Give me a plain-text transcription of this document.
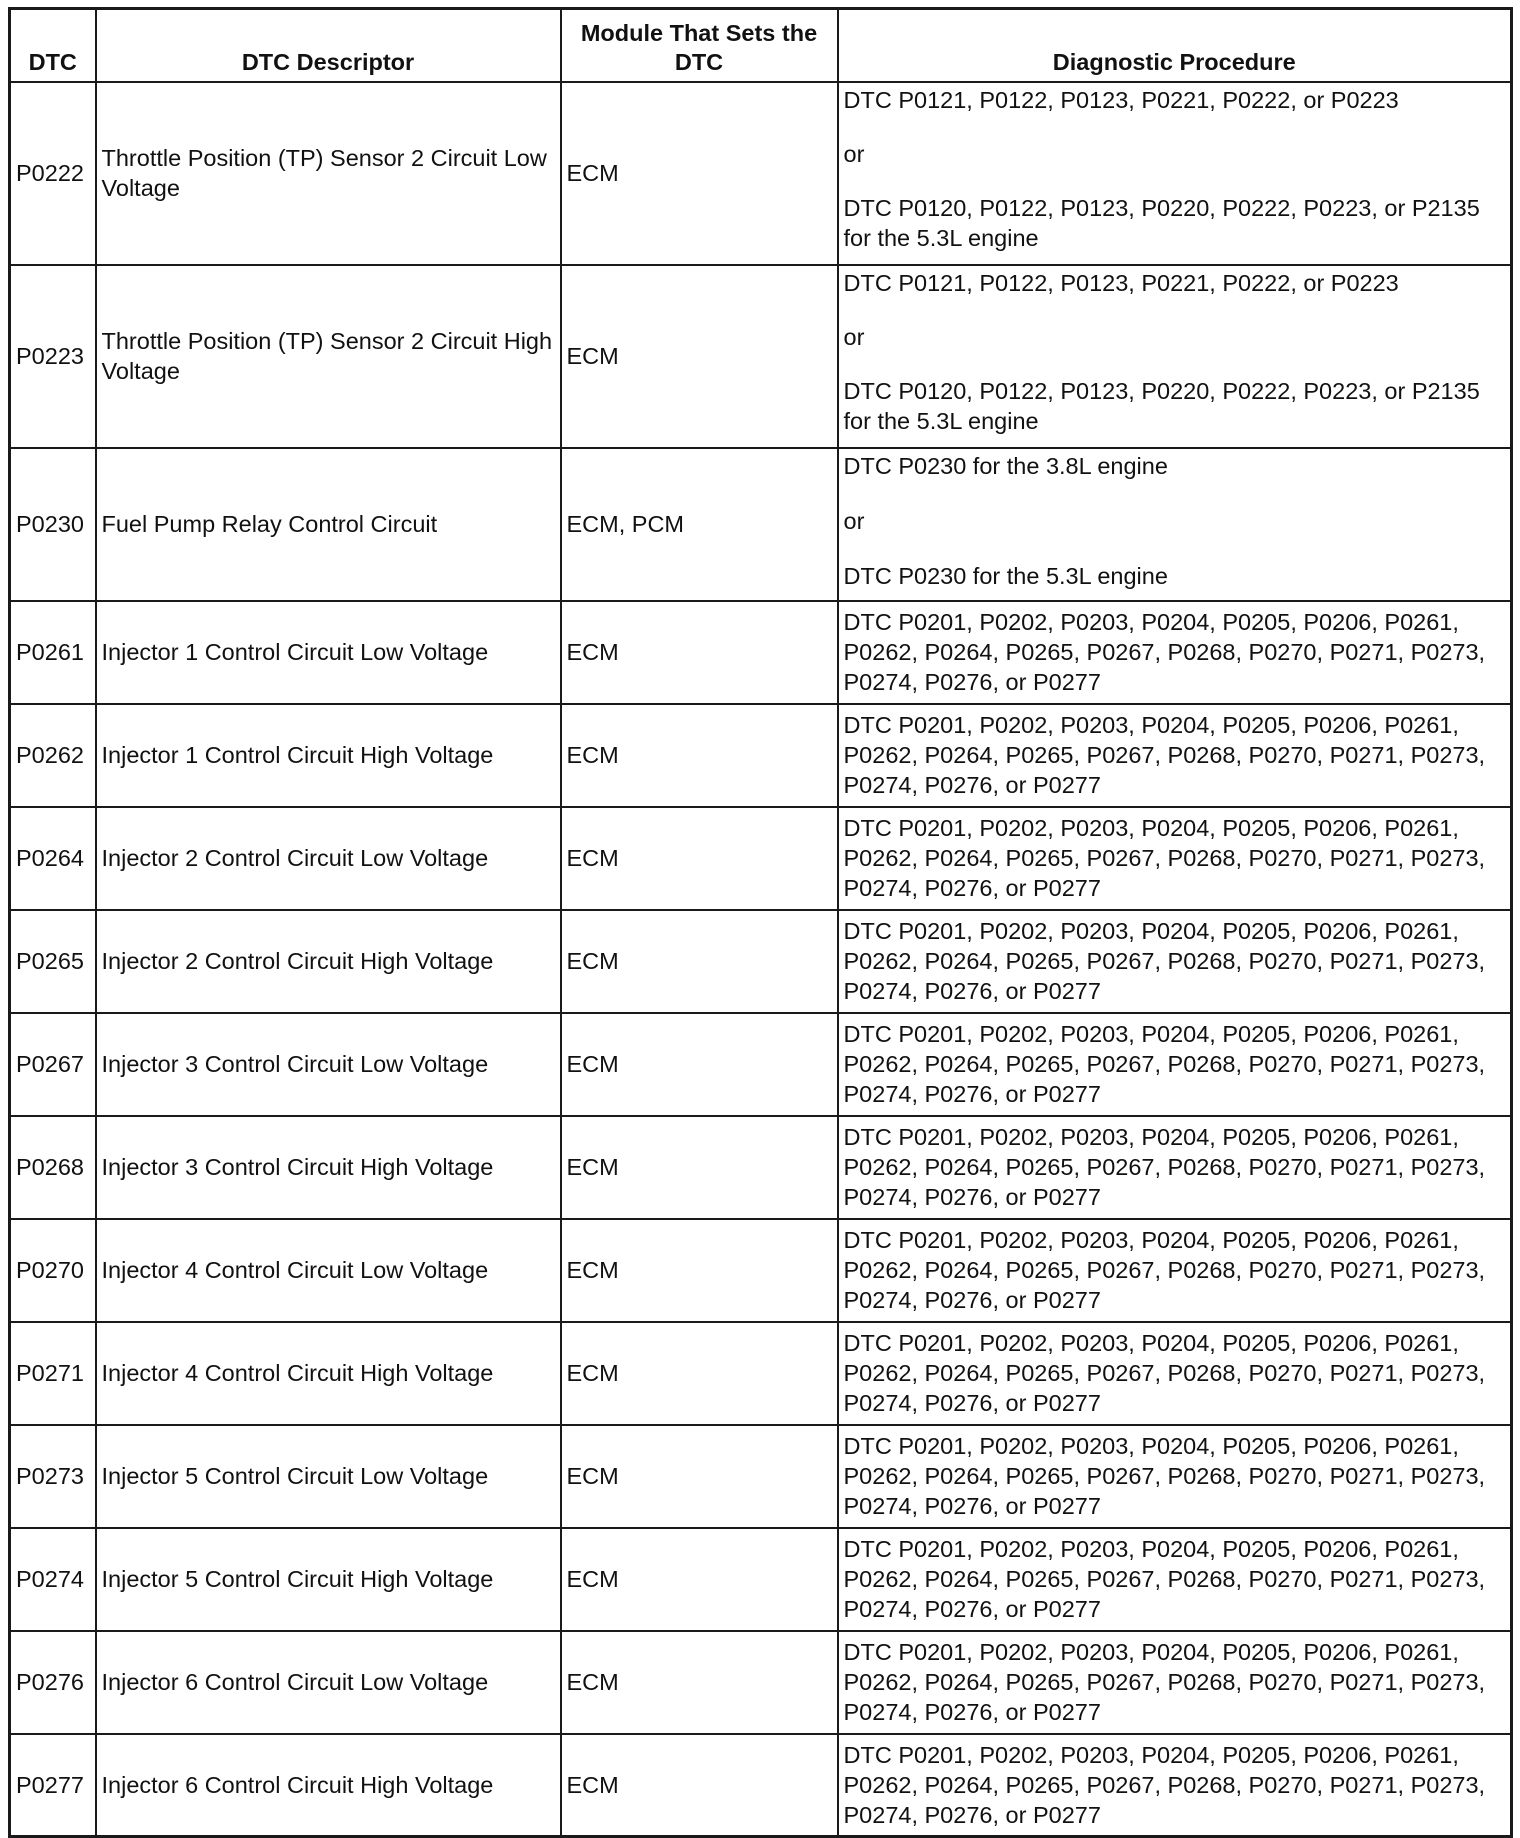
DTC	DTC Descriptor	Module That Sets the DTC	Diagnostic Procedure
P0222	Throttle Position (TP) Sensor 2 Circuit Low Voltage	ECM	DTC P0121, P0122, P0123, P0221, P0222, or P0223
or
DTC P0120, P0122, P0123, P0220, P0222, P0223, or P2135 for the 5.3L engine

P0223	Throttle Position (TP) Sensor 2 Circuit High Voltage	ECM	DTC P0121, P0122, P0123, P0221, P0222, or P0223
or
DTC P0120, P0122, P0123, P0220, P0222, P0223, or P2135 for the 5.3L engine

P0230	Fuel Pump Relay Control Circuit	ECM, PCM	DTC P0230 for the 3.8L engine
or
DTC P0230 for the 5.3L engine

P0261	Injector 1 Control Circuit Low Voltage	ECM	DTC P0201, P0202, P0203, P0204, P0205, P0206, P0261, P0262, P0264, P0265, P0267, P0268, P0270, P0271, P0273, P0274, P0276, or P0277
P0262	Injector 1 Control Circuit High Voltage	ECM	DTC P0201, P0202, P0203, P0204, P0205, P0206, P0261, P0262, P0264, P0265, P0267, P0268, P0270, P0271, P0273, P0274, P0276, or P0277
P0264	Injector 2 Control Circuit Low Voltage	ECM	DTC P0201, P0202, P0203, P0204, P0205, P0206, P0261, P0262, P0264, P0265, P0267, P0268, P0270, P0271, P0273, P0274, P0276, or P0277
P0265	Injector 2 Control Circuit High Voltage	ECM	DTC P0201, P0202, P0203, P0204, P0205, P0206, P0261, P0262, P0264, P0265, P0267, P0268, P0270, P0271, P0273, P0274, P0276, or P0277
P0267	Injector 3 Control Circuit Low Voltage	ECM	DTC P0201, P0202, P0203, P0204, P0205, P0206, P0261, P0262, P0264, P0265, P0267, P0268, P0270, P0271, P0273, P0274, P0276, or P0277
P0268	Injector 3 Control Circuit High Voltage	ECM	DTC P0201, P0202, P0203, P0204, P0205, P0206, P0261, P0262, P0264, P0265, P0267, P0268, P0270, P0271, P0273, P0274, P0276, or P0277
P0270	Injector 4 Control Circuit Low Voltage	ECM	DTC P0201, P0202, P0203, P0204, P0205, P0206, P0261, P0262, P0264, P0265, P0267, P0268, P0270, P0271, P0273, P0274, P0276, or P0277
P0271	Injector 4 Control Circuit High Voltage	ECM	DTC P0201, P0202, P0203, P0204, P0205, P0206, P0261, P0262, P0264, P0265, P0267, P0268, P0270, P0271, P0273, P0274, P0276, or P0277
P0273	Injector 5 Control Circuit Low Voltage	ECM	DTC P0201, P0202, P0203, P0204, P0205, P0206, P0261, P0262, P0264, P0265, P0267, P0268, P0270, P0271, P0273, P0274, P0276, or P0277
P0274	Injector 5 Control Circuit High Voltage	ECM	DTC P0201, P0202, P0203, P0204, P0205, P0206, P0261, P0262, P0264, P0265, P0267, P0268, P0270, P0271, P0273, P0274, P0276, or P0277
P0276	Injector 6 Control Circuit Low Voltage	ECM	DTC P0201, P0202, P0203, P0204, P0205, P0206, P0261, P0262, P0264, P0265, P0267, P0268, P0270, P0271, P0273, P0274, P0276, or P0277
P0277	Injector 6 Control Circuit High Voltage	ECM	DTC P0201, P0202, P0203, P0204, P0205, P0206, P0261, P0262, P0264, P0265, P0267, P0268, P0270, P0271, P0273, P0274, P0276, or P0277
